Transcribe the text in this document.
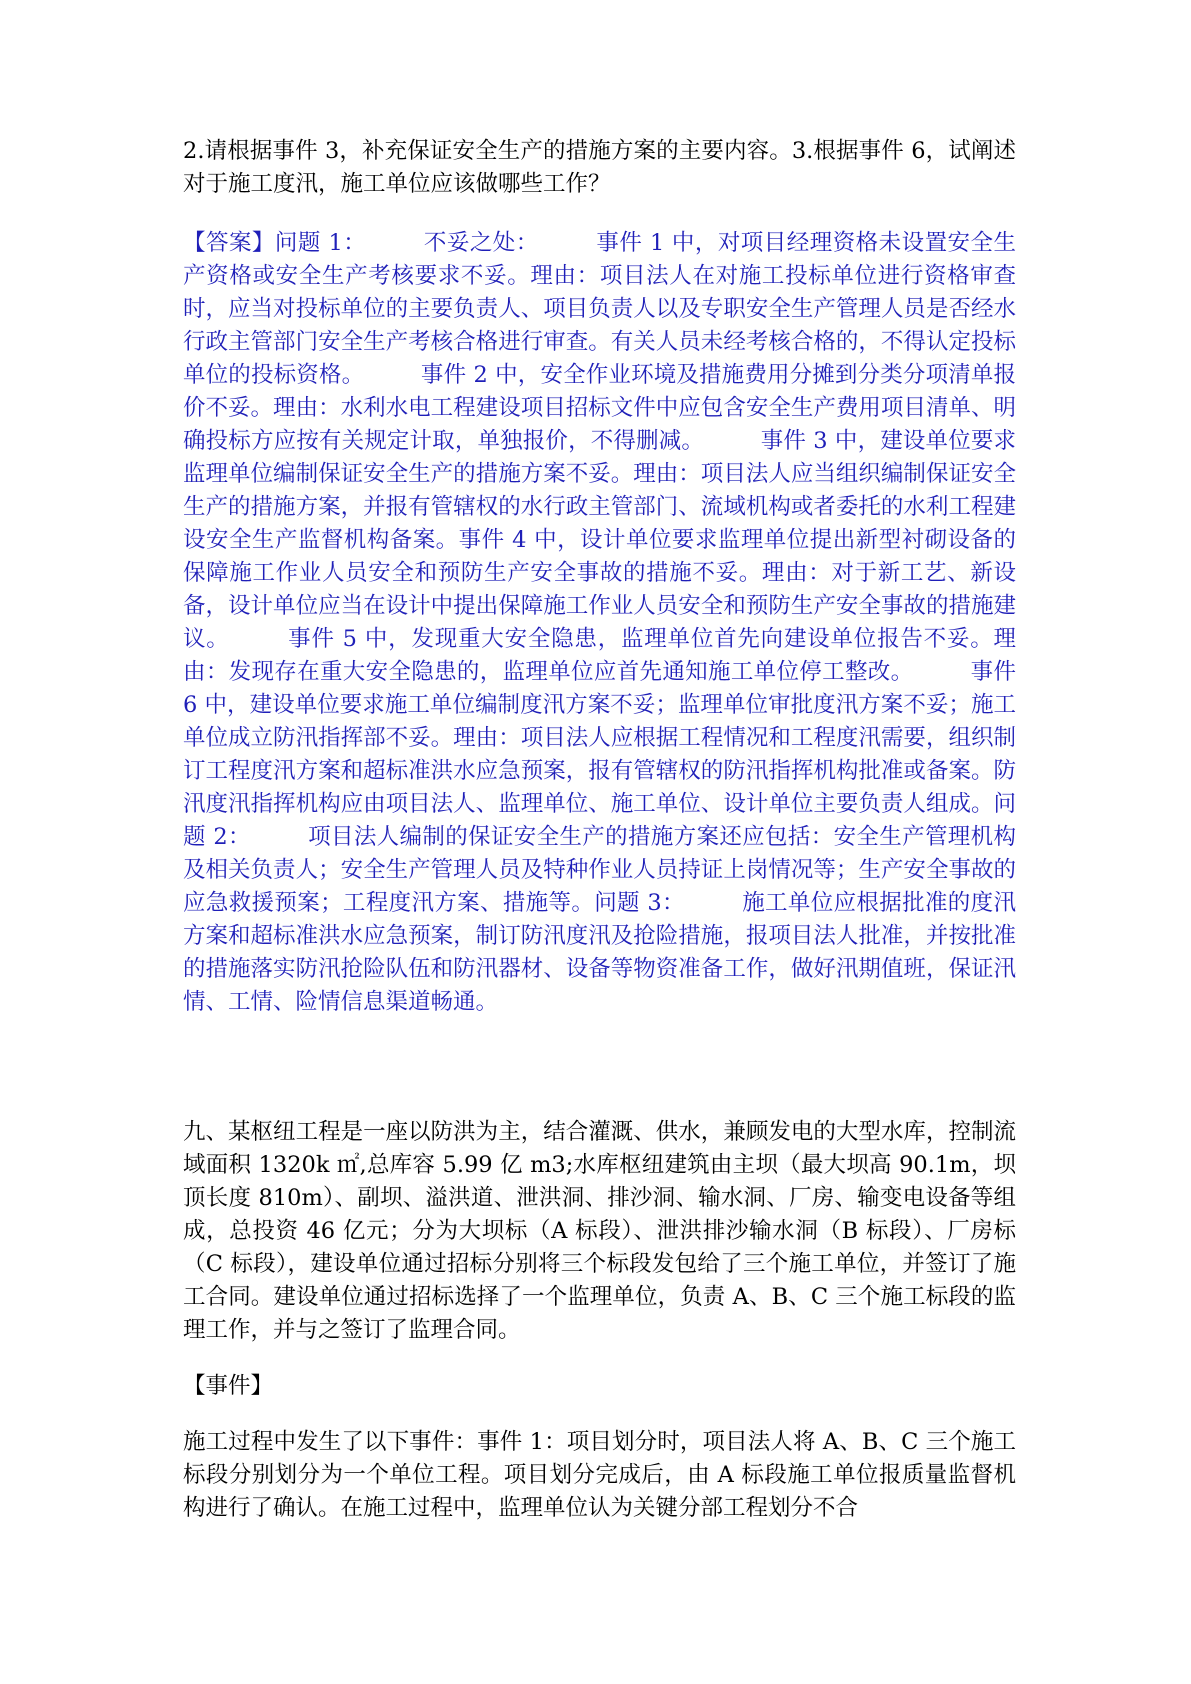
2.请根据事件 3，补充保证安全生产的措施方案的主要内容。3.根据事件 6，试阐述对于施工度汛，施工单位应该做哪些工作？

【答案】问题 1：　　　不妥之处：　　　事件 1 中，对项目经理资格未设置安全生产资格或安全生产考核要求不妥。理由：项目法人在对施工投标单位进行资格审查时，应当对投标单位的主要负责人、项目负责人以及专职安全生产管理人员是否经水行政主管部门安全生产考核合格进行审查。有关人员未经考核合格的，不得认定投标单位的投标资格。　　　事件 2 中，安全作业环境及措施费用分摊到分类分项清单报价不妥。理由：水利水电工程建设项目招标文件中应包含安全生产费用项目清单、明确投标方应按有关规定计取，单独报价，不得删减。　　　事件 3 中，建设单位要求监理单位编制保证安全生产的措施方案不妥。理由：项目法人应当组织编制保证安全生产的措施方案，并报有管辖权的水行政主管部门、流域机构或者委托的水利工程建设安全生产监督机构备案。事件 4 中，设计单位要求监理单位提出新型衬砌设备的保障施工作业人员安全和预防生产安全事故的措施不妥。理由：对于新工艺、新设备，设计单位应当在设计中提出保障施工作业人员安全和预防生产安全事故的措施建议。　　　事件 5 中，发现重大安全隐患，监理单位首先向建设单位报告不妥。理由：发现存在重大安全隐患的，监理单位应首先通知施工单位停工整改。　　　事件 6 中，建设单位要求施工单位编制度汛方案不妥；监理单位审批度汛方案不妥；施工单位成立防汛指挥部不妥。理由：项目法人应根据工程情况和工程度汛需要，组织制订工程度汛方案和超标准洪水应急预案，报有管辖权的防汛指挥机构批准或备案。防汛度汛指挥机构应由项目法人、监理单位、施工单位、设计单位主要负责人组成。问题 2：　　　项目法人编制的保证安全生产的措施方案还应包括：安全生产管理机构及相关负责人；安全生产管理人员及特种作业人员持证上岗情况等；生产安全事故的应急救援预案；工程度汛方案、措施等。问题 3：　　　施工单位应根据批准的度汛方案和超标准洪水应急预案，制订防汛度汛及抢险措施，报项目法人批准，并按批准的措施落实防汛抢险队伍和防汛器材、设备等物资准备工作，做好汛期值班，保证汛情、工情、险情信息渠道畅通。

九、某枢纽工程是一座以防洪为主，结合灌溉、供水，兼顾发电的大型水库，控制流域面积 1320k ㎡,总库容 5.99 亿 m3;水库枢纽建筑由主坝（最大坝高 90.1m，坝顶长度 810m）、副坝、溢洪道、泄洪洞、排沙洞、输水洞、厂房、输变电设备等组成，总投资 46 亿元；分为大坝标（A 标段）、泄洪排沙输水洞（B 标段）、厂房标（C 标段），建设单位通过招标分别将三个标段发包给了三个施工单位，并签订了施工合同。建设单位通过招标选择了一个监理单位，负责 A、B、C 三个施工标段的监理工作，并与之签订了监理合同。

【事件】

施工过程中发生了以下事件：事件 1：项目划分时，项目法人将 A、B、C 三个施工标段分别划分为一个单位工程。项目划分完成后，由 A 标段施工单位报质量监督机构进行了确认。在施工过程中，监理单位认为关键分部工程划分不合
